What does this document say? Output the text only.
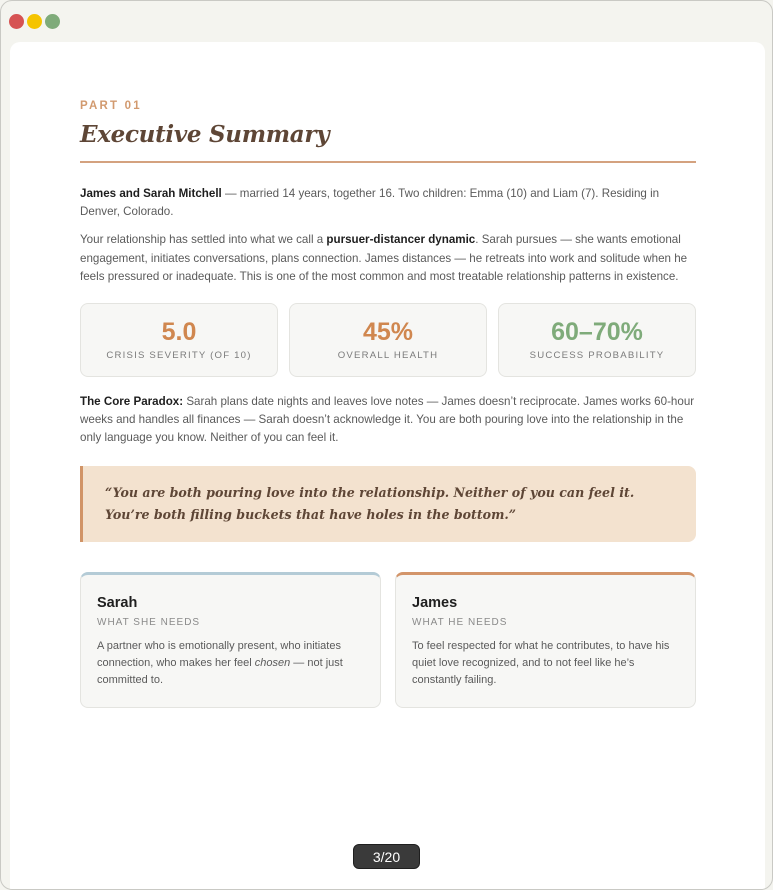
PART 01

Executive Summary

James and Sarah Mitchell — married 14 years, together 16. Two children: Emma (10) and Liam (7). Residing in Denver, Colorado.

Your relationship has settled into what we call a pursuer-distancer dynamic. Sarah pursues — she wants emotional engagement, initiates conversations, plans connection. James distances — he retreats into work and solitude when he feels pressured or inadequate. This is one of the most common and most treatable relationship patterns in existence.

5.0
CRISIS SEVERITY (OF 10)
45%
OVERALL HEALTH
60–70%
SUCCESS PROBABILITY

The Core Paradox: Sarah plans date nights and leaves love notes — James doesn’t reciprocate. James works 60-hour weeks and handles all finances — Sarah doesn’t acknowledge it. You are both pouring love into the relationship in the only language you know. Neither of you can feel it.

“You are both pouring love into the relationship. Neither of you can feel it. You’re both filling buckets that have holes in the bottom.”
Sarah
WHAT SHE NEEDS
A partner who is emotionally present, who initiates connection, who makes her feel chosen — not just committed to.
James
WHAT HE NEEDS
To feel respected for what he contributes, to have his quiet love recognized, and to not feel like he’s constantly failing.
3/20
